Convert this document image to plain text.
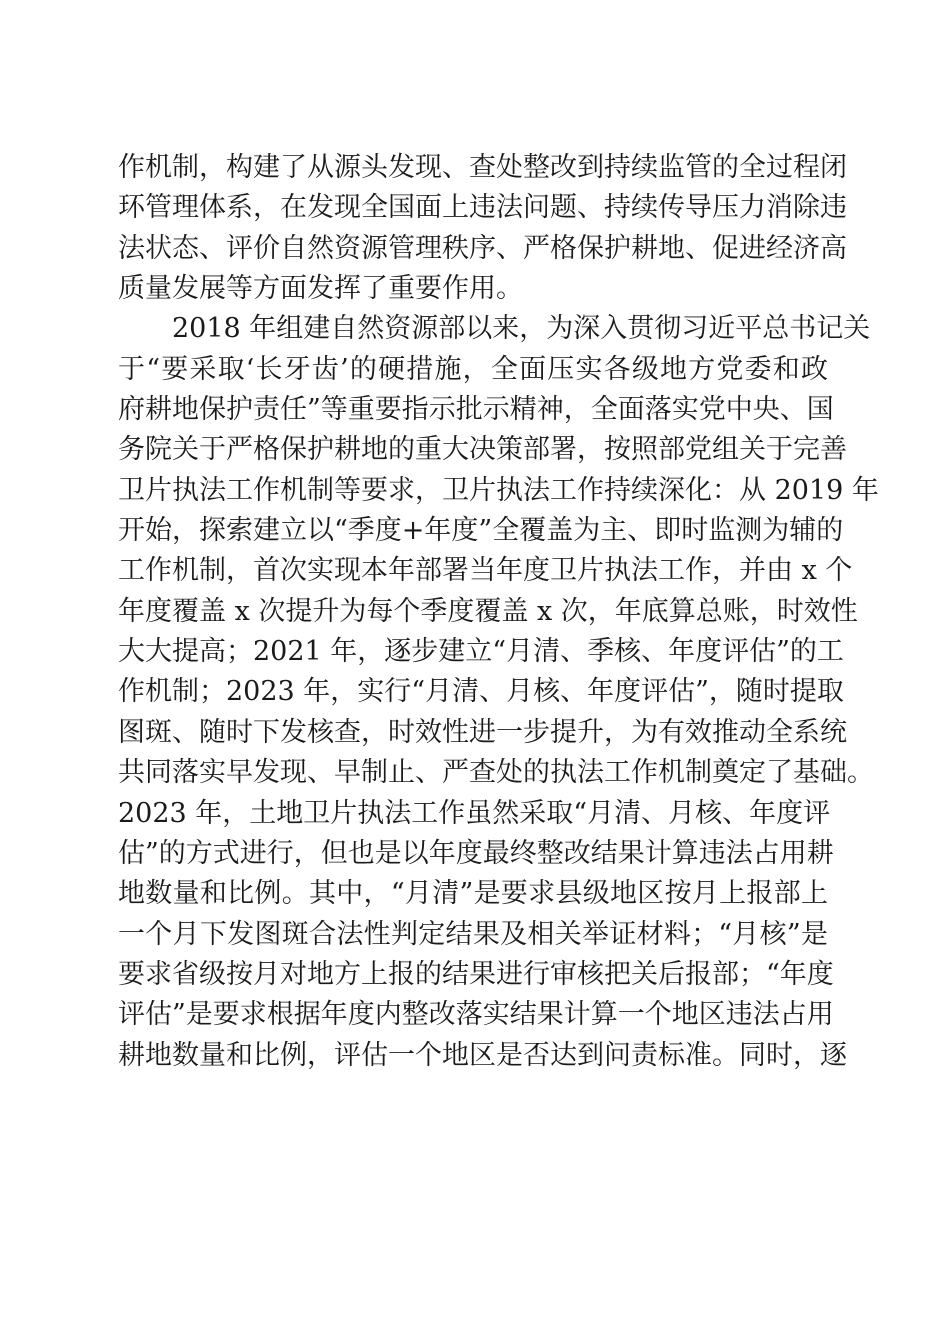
作机制，构建了从源头发现、查处整改到持续监管的全过程闭
环管理体系，在发现全国面上违法问题、持续传导压力消除违
法状态、评价自然资源管理秩序、严格保护耕地、促进经济高
质量发展等方面发挥了重要作用。
2018 年组建自然资源部以来，为深入贯彻习近平总书记关
于“要采取‘长牙齿’的硬措施，全面压实各级地方党委和政
府耕地保护责任”等重要指示批示精神，全面落实党中央、国
务院关于严格保护耕地的重大决策部署，按照部党组关于完善
卫片执法工作机制等要求，卫片执法工作持续深化：从 2019 年
开始，探索建立以“季度+年度”全覆盖为主、即时监测为辅的
工作机制，首次实现本年部署当年度卫片执法工作，并由 x 个
年度覆盖 x 次提升为每个季度覆盖 x 次，年底算总账，时效性
大大提高；2021 年，逐步建立“月清、季核、年度评估”的工
作机制；2023 年，实行“月清、月核、年度评估”，随时提取
图斑、随时下发核查，时效性进一步提升，为有效推动全系统
共同落实早发现、早制止、严查处的执法工作机制奠定了基础。
2023 年，土地卫片执法工作虽然采取“月清、月核、年度评
估”的方式进行，但也是以年度最终整改结果计算违法占用耕
地数量和比例。其中，“月清”是要求县级地区按月上报部上
一个月下发图斑合法性判定结果及相关举证材料；“月核”是
要求省级按月对地方上报的结果进行审核把关后报部；“年度
评估”是要求根据年度内整改落实结果计算一个地区违法占用
耕地数量和比例，评估一个地区是否达到问责标准。同时，逐
